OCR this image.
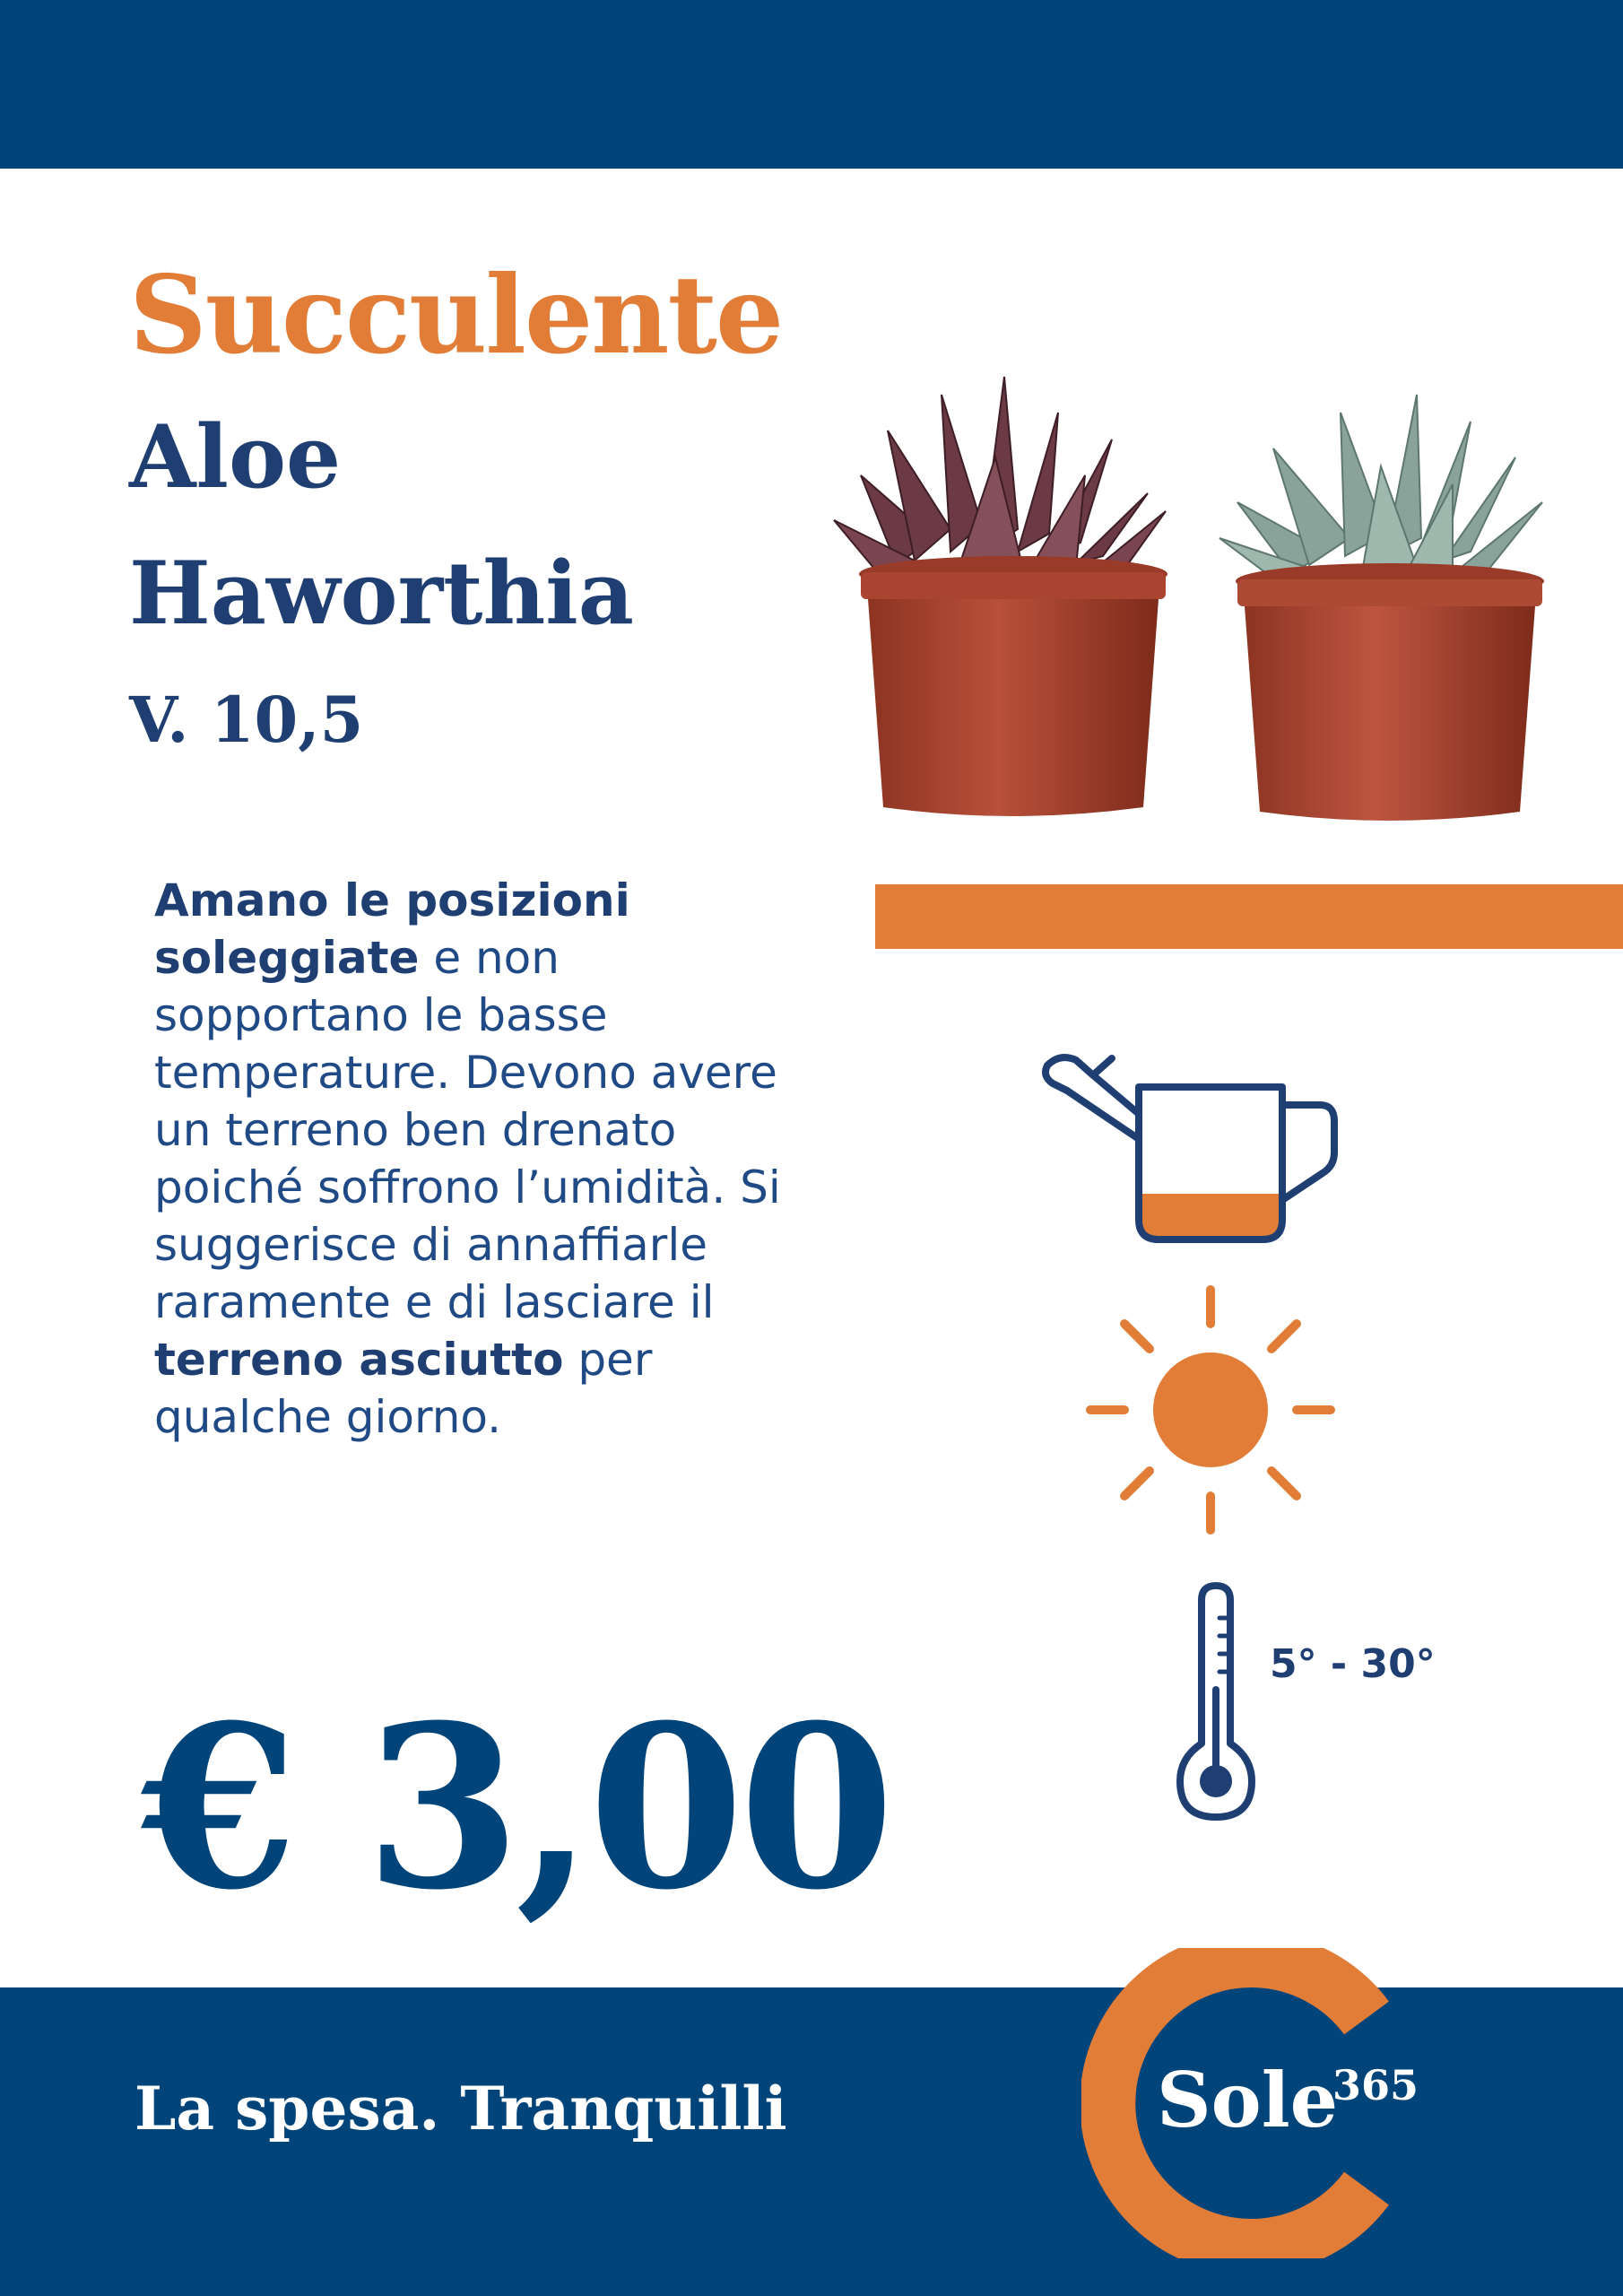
Succulente
Aloe
Haworthia
V. 10,5
Amano le posizioni soleggiate e non sopportano le basse temperature. Devono avere un terreno ben drenato poiché soffrono l’umidità. Si suggerisce di annaffiarle raramente e di lasciare il terreno asciutto per qualche giorno.
5° - 30°
€ 3,00
La spesa. Tranquilli	Sole
365
